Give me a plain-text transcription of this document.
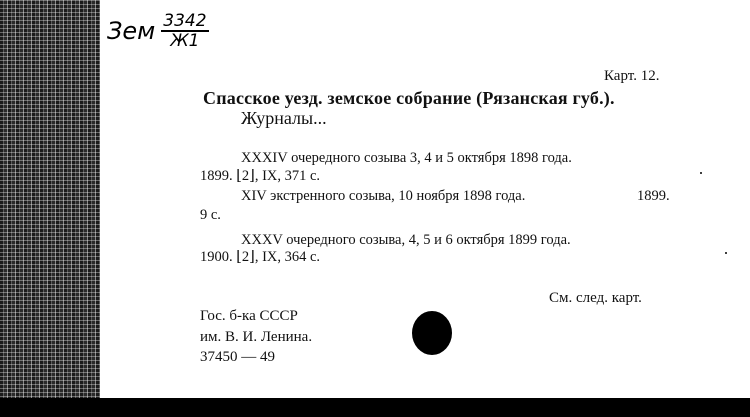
Зем $\frac{3342}{Ж1}$
Карт. 12.
Спасское уезд. земское собрание (Рязанская губ.).
Журналы...
XXXIV очередного созыва 3, 4 и 5 октября 1898 года.
1899. ⌊2⌋, IX, 371 с.
XIV экстренного созыва, 10 ноября 1898 года.	1899.
9 с.
XXXV очередного созыва, 4, 5 и 6 октября 1899 года.
1900. ⌊2⌋, IX, 364 с.
См. след. карт.
Гос. б-ка СССР
им. В. И. Ленина.
37450 — 49
